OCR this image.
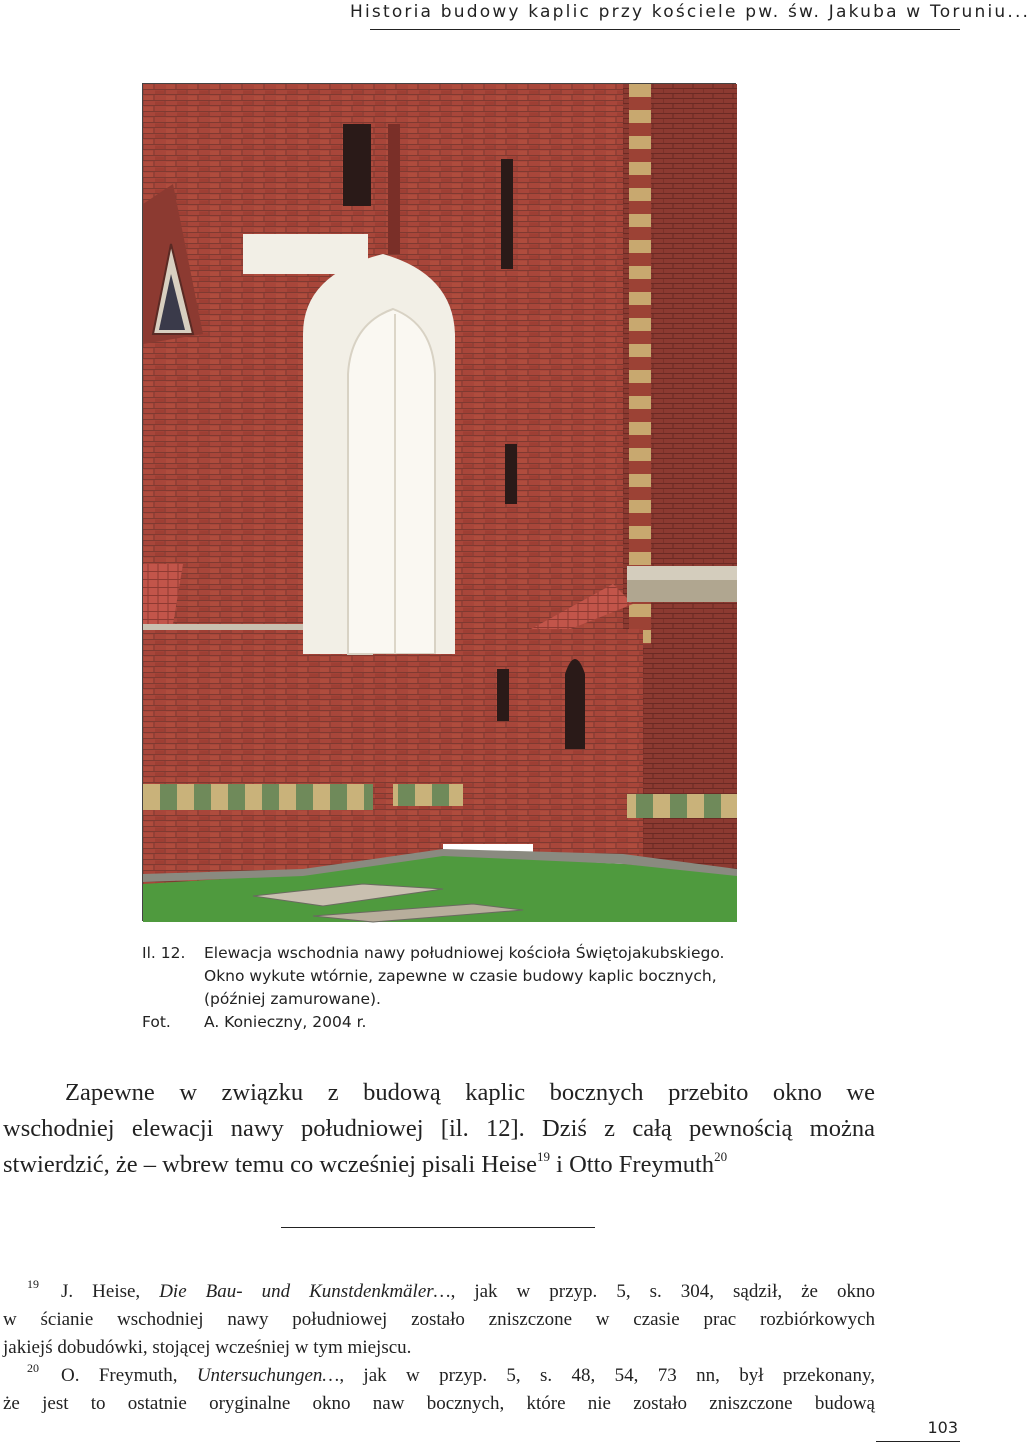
Historia budowy kaplic przy kościele pw. św. Jakuba w Toruniu...
Il. 12.	Elewacja wschodnia nawy południowej kościoła Świętojakubskiego.
Okno wykute wtórnie, zapewne w czasie budowy kaplic bocznych,
(później zamurowane).
Fot.	A. Konieczny, 2004 r.
Zapewne w związku z budową kaplic bocznych przebito okno we
wschodniej elewacji nawy południowej [il. 12]. Dziś z całą pewnością można
stwierdzić, że – wbrew temu co wcześniej pisali Heise$^{19}$ i Otto Freymuth$^{20}$
$^{19}$ J. Heise, Die Bau- und Kunstdenkmäler…, jak w przyp. 5, s. 304, sądził, że okno
w ścianie wschodniej nawy południowej zostało zniszczone w czasie prac rozbiórkowych
jakiejś dobudówki, stojącej wcześniej w tym miejscu.
$^{20}$ O. Freymuth, Untersuchungen…, jak w przyp. 5, s. 48, 54, 73 nn, był przekonany,
że jest to ostatnie oryginalne okno naw bocznych, które nie zostało zniszczone budową
103
